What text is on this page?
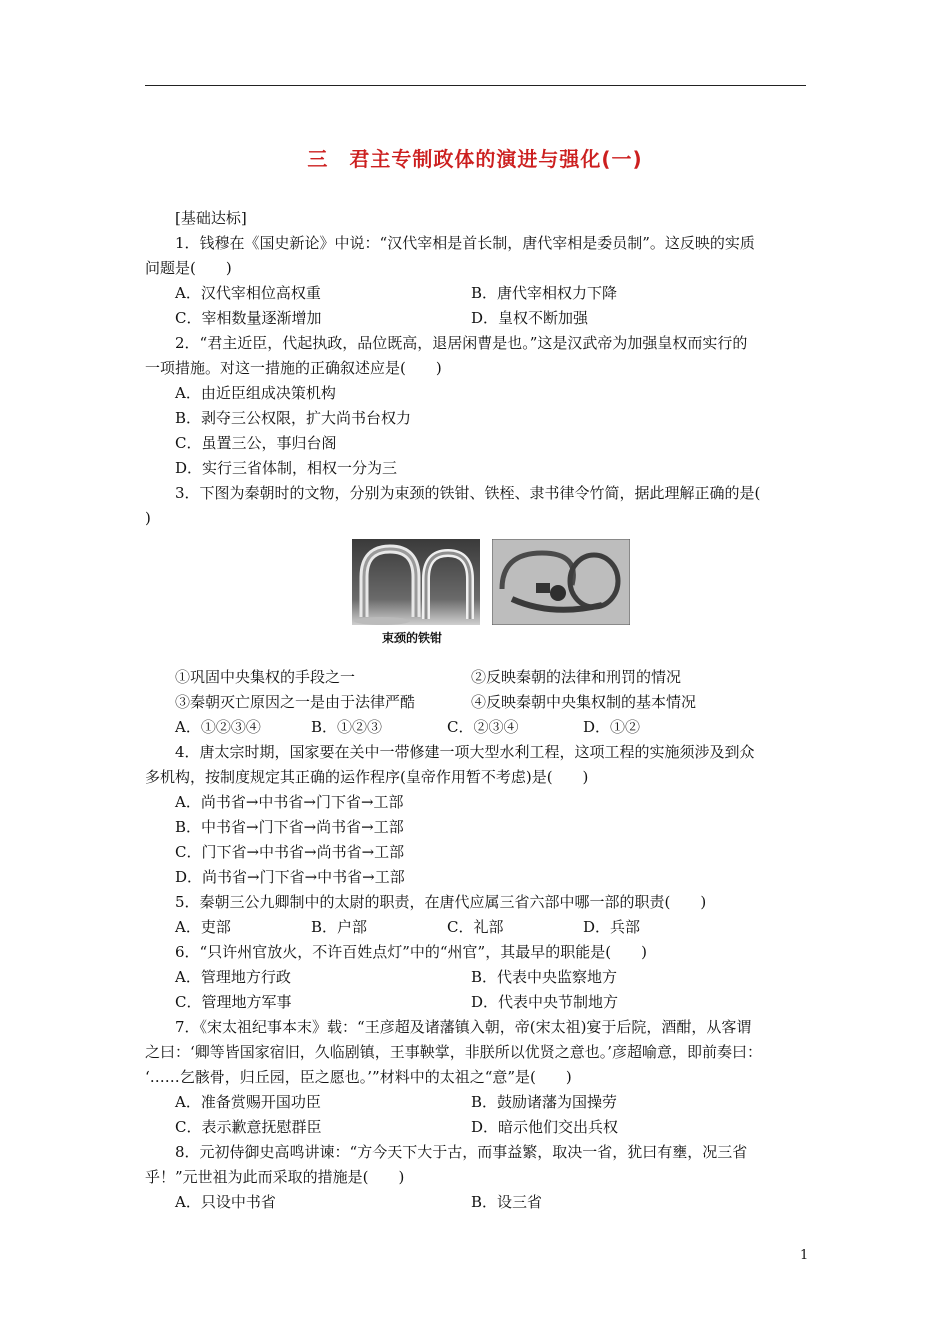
三　君主专制政体的演进与强化(一)
[基础达标]
1．钱穆在《国史新论》中说：“汉代宰相是首长制，唐代宰相是委员制”。这反映的实质
问题是(　　)
A．汉代宰相位高权重	B．唐代宰相权力下降
C．宰相数量逐渐增加	D．皇权不断加强
2．“君主近臣，代起执政，品位既高，退居闲曹是也。”这是汉武帝为加强皇权而实行的
一项措施。对这一措施的正确叙述应是(　　)
A．由近臣组成决策机构
B．剥夺三公权限，扩大尚书台权力
C．虽置三公，事归台阁
D．实行三省体制，相权一分为三
3．下图为秦朝时的文物，分别为束颈的铁钳、铁桎、隶书律令竹简，据此理解正确的是(
)
束颈的铁钳
①巩固中央集权的手段之一	②反映秦朝的法律和刑罚的情况
③秦朝灭亡原因之一是由于法律严酷	④反映秦朝中央集权制的基本情况
A．①②③④	B．①②③	C．②③④	D．①②
4．唐太宗时期，国家要在关中一带修建一项大型水利工程，这项工程的实施须涉及到众
多机构，按制度规定其正确的运作程序(皇帝作用暂不考虑)是(　　)
A．尚书省→中书省→门下省→工部
B．中书省→门下省→尚书省→工部
C．门下省→中书省→尚书省→工部
D．尚书省→门下省→中书省→工部
5．秦朝三公九卿制中的太尉的职责，在唐代应属三省六部中哪一部的职责(　　)
A．吏部	B．户部	C．礼部	D．兵部
6．“只许州官放火，不许百姓点灯”中的“州官”，其最早的职能是(　　)
A．管理地方行政	B．代表中央监察地方
C．管理地方军事	D．代表中央节制地方
7．《宋太祖纪事本末》载：“王彦超及诸藩镇入朝，帝(宋太祖)宴于后院，酒酣，从客谓
之曰：‘卿等皆国家宿旧，久临剧镇，王事鞅掌，非朕所以优贤之意也。’彦超喻意，即前奏曰：
‘……乞骸骨，归丘园，臣之愿也。’”材料中的太祖之“意”是(　　)
A．准备赏赐开国功臣	B．鼓励诸藩为国操劳
C．表示歉意抚慰群臣	D．暗示他们交出兵权
8．元初侍御史高鸣讲谏：“方今天下大于古，而事益繁，取决一省，犹曰有壅，况三省
乎！”元世祖为此而采取的措施是(　　)
A．只设中书省	B．设三省
1
